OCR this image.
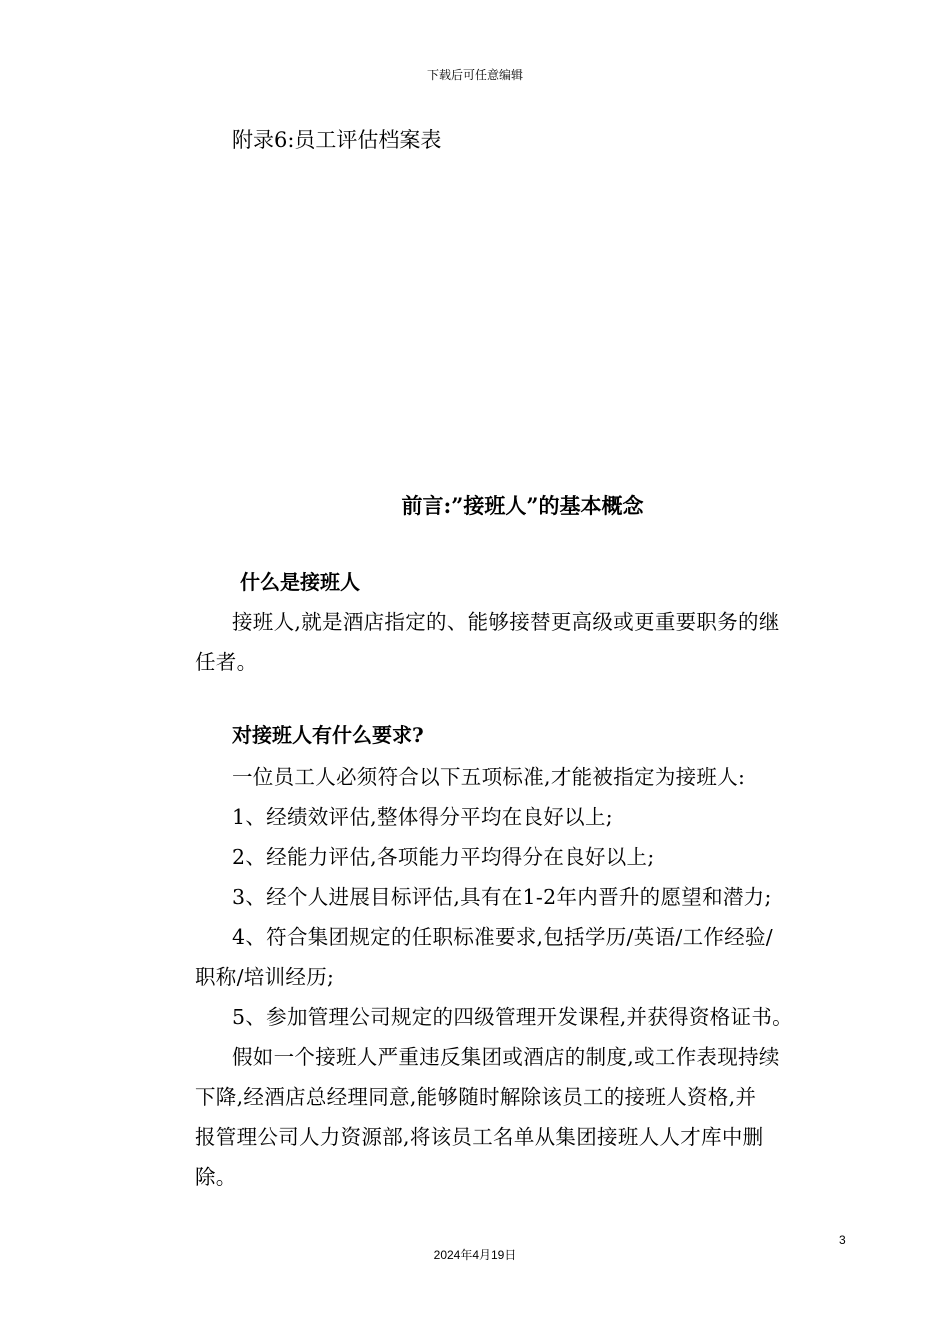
下载后可任意编辑
附录6:员工评估档案表
前言:”接班人”的基本概念
什么是接班人
接班人,就是酒店指定的、能够接替更高级或更重要职务的继
任者。
对接班人有什么要求?
一位员工人必须符合以下五项标准,才能被指定为接班人:
1、经绩效评估,整体得分平均在良好以上;
2、经能力评估,各项能力平均得分在良好以上;
3、经个人进展目标评估,具有在1-2年内晋升的愿望和潜力;
4、符合集团规定的任职标准要求,包括学历/英语/工作经验/
职称/培训经历;
5、参加管理公司规定的四级管理开发课程,并获得资格证书。
假如一个接班人严重违反集团或酒店的制度,或工作表现持续
下降,经酒店总经理同意,能够随时解除该员工的接班人资格,并
报管理公司人力资源部,将该员工名单从集团接班人人才库中删
除。
3
2024年4月19日
